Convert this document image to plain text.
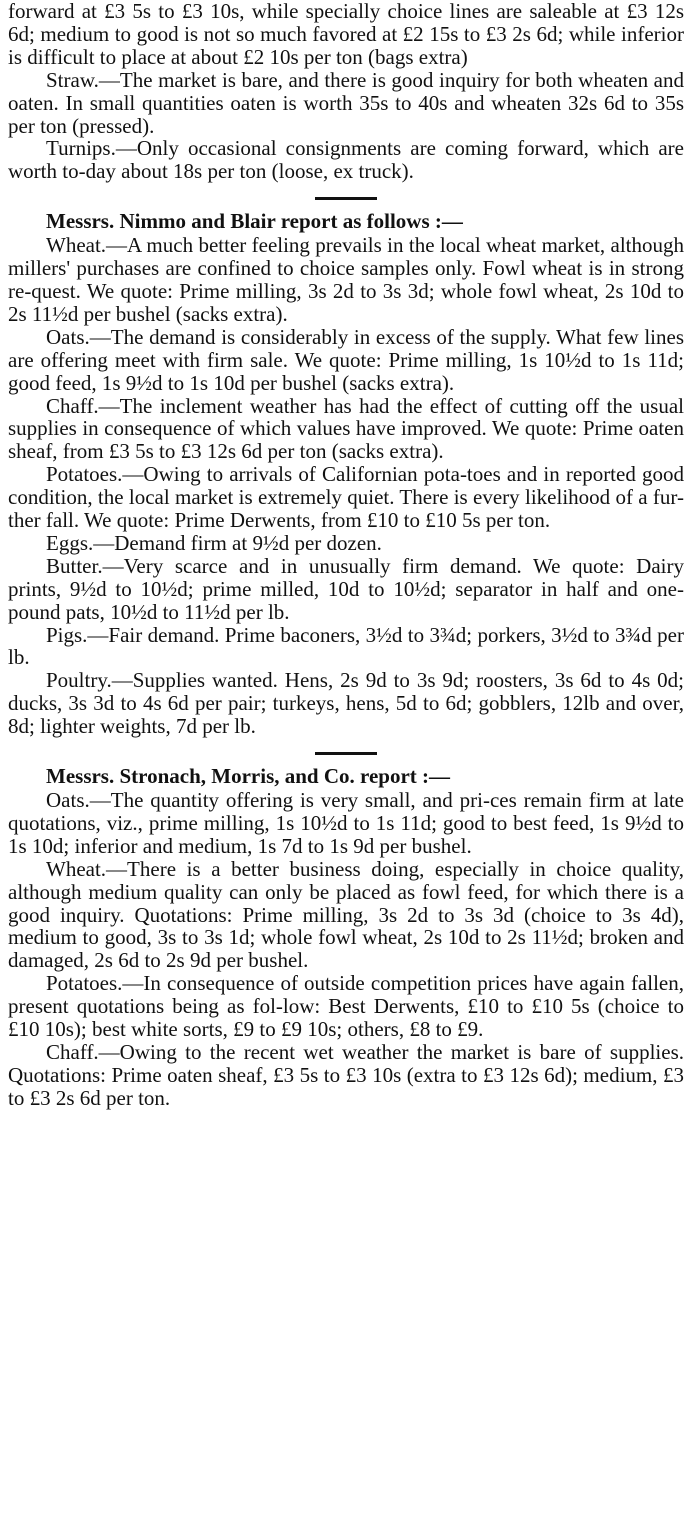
forward at £3 5s to £3 10s, while specially choice lines are saleable at £3 12s 6d; medium to good is not so much favored at £2 15s to £3 2s 6d; while inferior is difficult to place at about £2 10s per ton (bags extra)

Straw.—The market is bare, and there is good inquiry for both wheaten and oaten. In small quantities oaten is worth 35s to 40s and wheaten 32s 6d to 35s per ton (pressed).

Turnips.—Only occasional consignments are coming forward, which are worth to-day about 18s per ton (loose, ex truck).

Messrs. Nimmo and Blair report as follows :—

Wheat.—A much better feeling prevails in the local wheat market, although millers' purchases are confined to choice samples only. Fowl wheat is in strong re-quest. We quote: Prime milling, 3s 2d to 3s 3d; whole fowl wheat, 2s 10d to 2s 11½d per bushel (sacks extra).

Oats.—The demand is considerably in excess of the supply. What few lines are offering meet with firm sale. We quote: Prime milling, 1s 10½d to 1s 11d; good feed, 1s 9½d to 1s 10d per bushel (sacks extra).

Chaff.—The inclement weather has had the effect of cutting off the usual supplies in consequence of which values have improved. We quote: Prime oaten sheaf, from £3 5s to £3 12s 6d per ton (sacks extra).

Potatoes.—Owing to arrivals of Californian pota-toes and in reported good condition, the local market is extremely quiet. There is every likelihood of a fur-ther fall. We quote: Prime Derwents, from £10 to £10 5s per ton.

Eggs.—Demand firm at 9½d per dozen.

Butter.—Very scarce and in unusually firm demand. We quote: Dairy prints, 9½d to 10½d; prime milled, 10d to 10½d; separator in half and one-pound pats, 10½d to 11½d per lb.

Pigs.—Fair demand. Prime baconers, 3½d to 3¾d; porkers, 3½d to 3¾d per lb.

Poultry.—Supplies wanted. Hens, 2s 9d to 3s 9d; roosters, 3s 6d to 4s 0d; ducks, 3s 3d to 4s 6d per pair; turkeys, hens, 5d to 6d; gobblers, 12lb and over, 8d; lighter weights, 7d per lb.

Messrs. Stronach, Morris, and Co. report :—

Oats.—The quantity offering is very small, and pri-ces remain firm at late quotations, viz., prime milling, 1s 10½d to 1s 11d; good to best feed, 1s 9½d to 1s 10d; inferior and medium, 1s 7d to 1s 9d per bushel.

Wheat.—There is a better business doing, especially in choice quality, although medium quality can only be placed as fowl feed, for which there is a good inquiry. Quotations: Prime milling, 3s 2d to 3s 3d (choice to 3s 4d), medium to good, 3s to 3s 1d; whole fowl wheat, 2s 10d to 2s 11½d; broken and damaged, 2s 6d to 2s 9d per bushel.

Potatoes.—In consequence of outside competition prices have again fallen, present quotations being as fol-low: Best Derwents, £10 to £10 5s (choice to £10 10s); best white sorts, £9 to £9 10s; others, £8 to £9.

Chaff.—Owing to the recent wet weather the market is bare of supplies. Quotations: Prime oaten sheaf, £3 5s to £3 10s (extra to £3 12s 6d); medium, £3 to £3 2s 6d per ton.
